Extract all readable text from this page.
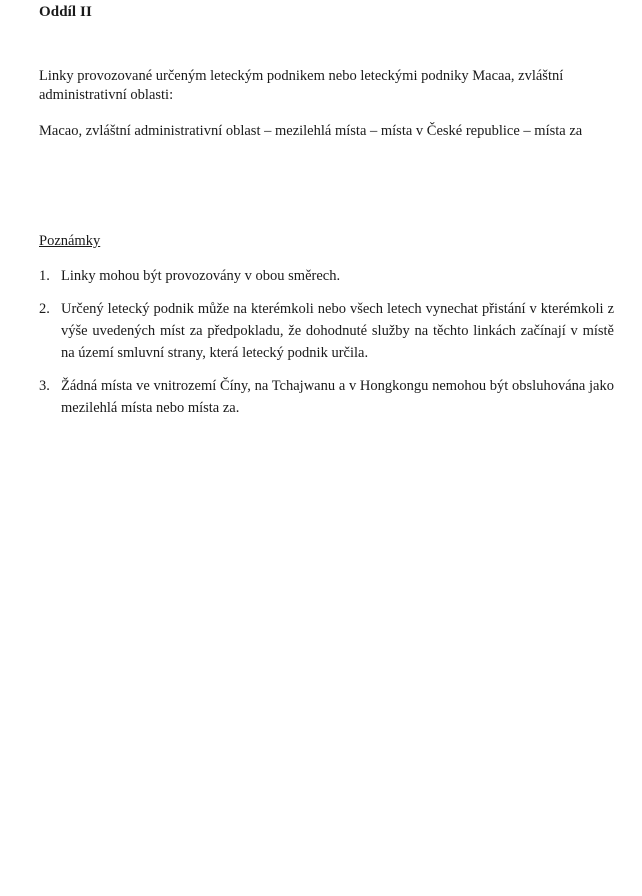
Oddíl II
Linky provozované určeným leteckým podnikem nebo leteckými podniky Macaa, zvláštní administrativní oblasti:
Macao, zvláštní administrativní oblast – mezilehlá místa – místa v České republice – místa za
Poznámky
1. Linky mohou být provozovány v obou směrech.
2. Určený letecký podnik může na kterémkoli nebo všech letech vynechat přistání v kterémkoli z výše uvedených míst za předpokladu, že dohodnuté služby na těchto linkách začínají v místě na území smluvní strany, která letecký podnik určila.
3. Žádná místa ve vnitrozemí Číny, na Tchajwanu a v Hongkongu nemohou být obsluhována jako mezilehlá místa nebo místa za.
